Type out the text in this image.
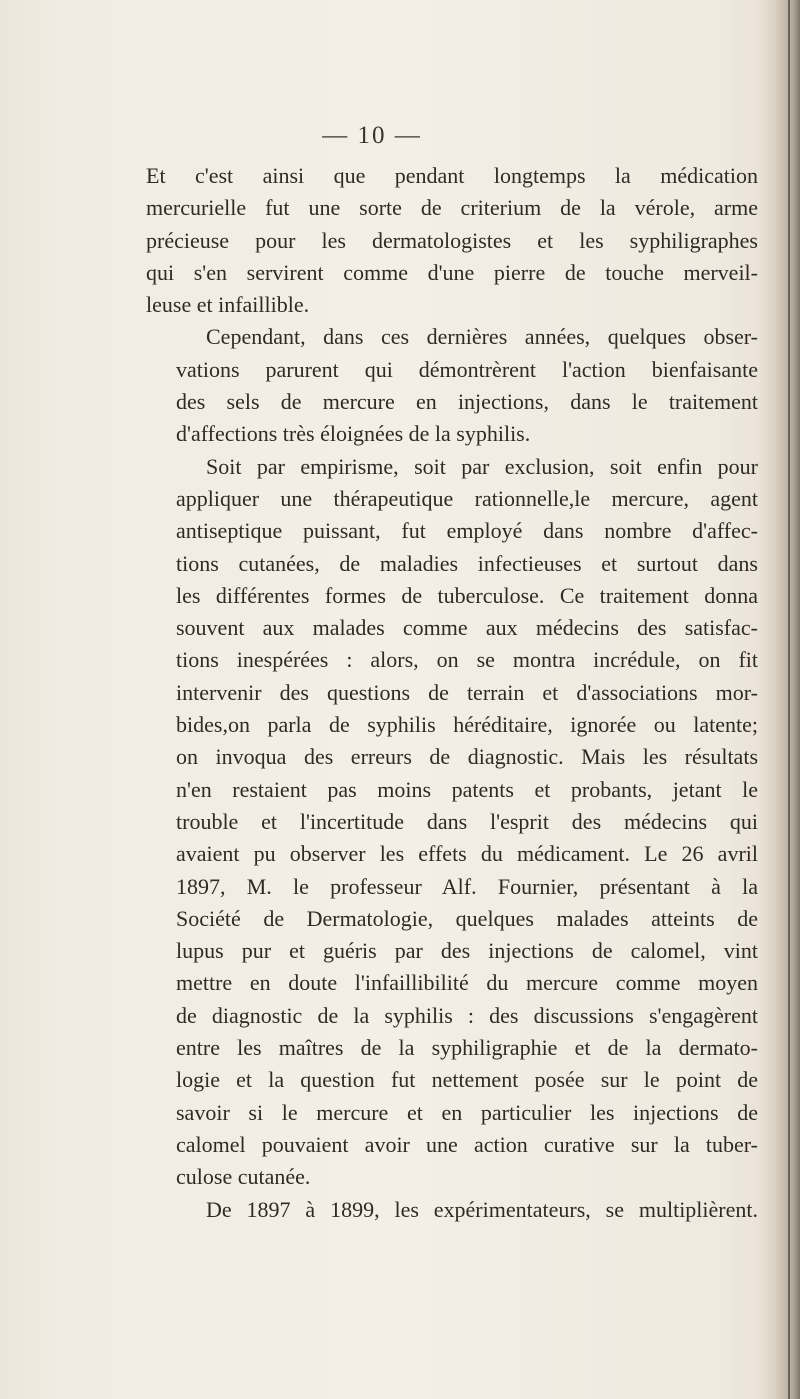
— 10 —
Et c'est ainsi que pendant longtemps la médication
mercurielle fut une sorte de criterium de la vérole, arme
précieuse pour les dermatologistes et les syphiligraphes
qui s'en servirent comme d'une pierre de touche merveil-
leuse et infaillible.
Cependant, dans ces dernières années, quelques obser-
vations parurent qui démontrèrent l'action bienfaisante
des sels de mercure en injections, dans le traitement
d'affections très éloignées de la syphilis.
Soit par empirisme, soit par exclusion, soit enfin pour
appliquer une thérapeutique rationnelle,le mercure, agent
antiseptique puissant, fut employé dans nombre d'affec-
tions cutanées, de maladies infectieuses et surtout dans
les différentes formes de tuberculose. Ce traitement donna
souvent aux malades comme aux médecins des satisfac-
tions inespérées : alors, on se montra incrédule, on fit
intervenir des questions de terrain et d'associations mor-
bides,on parla de syphilis héréditaire, ignorée ou latente;
on invoqua des erreurs de diagnostic. Mais les résultats
n'en restaient pas moins patents et probants, jetant le
trouble et l'incertitude dans l'esprit des médecins qui
avaient pu observer les effets du médicament. Le 26 avril
1897, M. le professeur Alf. Fournier, présentant à la
Société de Dermatologie, quelques malades atteints de
lupus pur et guéris par des injections de calomel, vint
mettre en doute l'infaillibilité du mercure comme moyen
de diagnostic de la syphilis : des discussions s'engagèrent
entre les maîtres de la syphiligraphie et de la dermato-
logie et la question fut nettement posée sur le point de
savoir si le mercure et en particulier les injections de
calomel pouvaient avoir une action curative sur la tuber-
culose cutanée.
De 1897 à 1899, les expérimentateurs, se multiplièrent.
